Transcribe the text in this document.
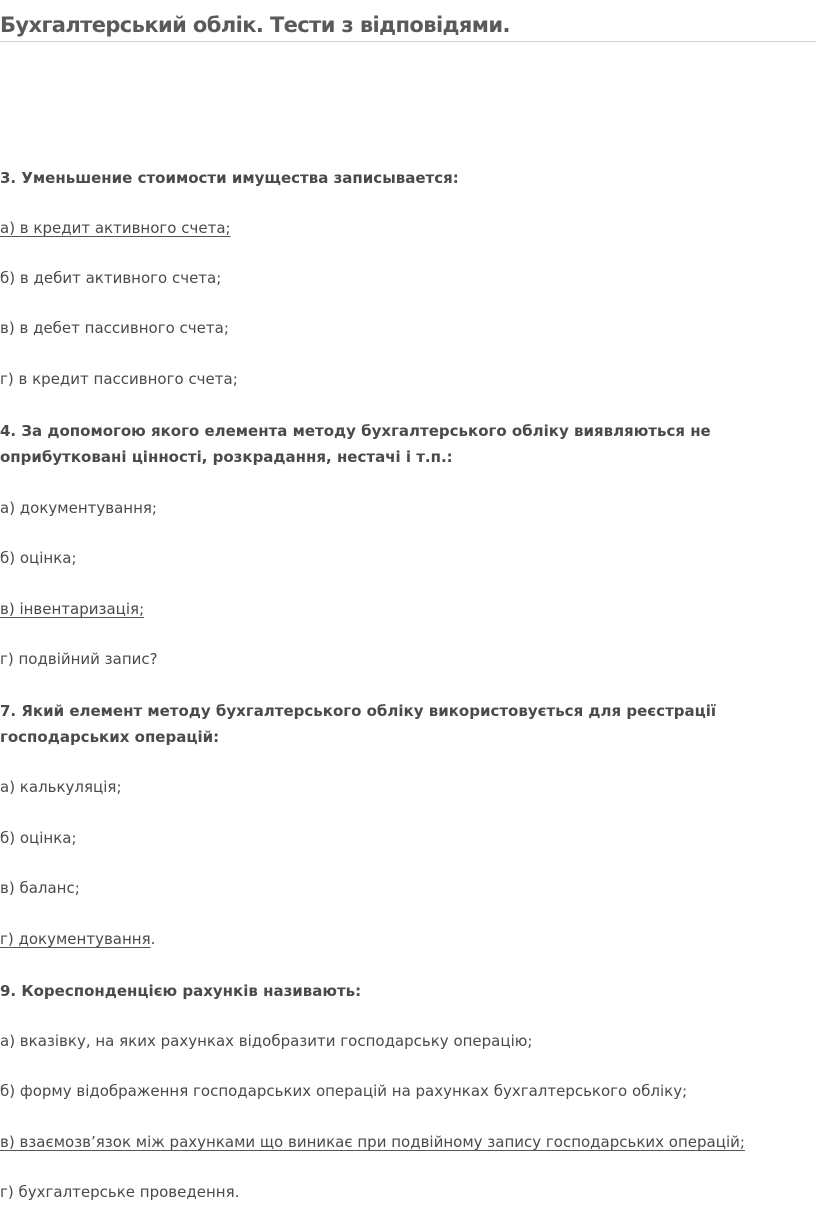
Бухгалтерський облік. Тести з відповідями.

3. Уменьшение стоимости имущества записывается:

а) в кредит активного счета;

б) в дебит активного счета;

в) в дебет пассивного счета;

г) в кредит пассивного счета;

4. За допомогою якого елемента методу бухгалтерського обліку виявляються не

оприбутковані цінності, розкрадання, нестачі і т.п.:

а) документування;

б) оцінка;

в) інвентаризація;

г) подвійний запис?

7. Який елемент методу бухгалтерського обліку використовується для реєстрації

господарських операцій:

а) калькуляція;

б) оцінка;

в) баланс;

г) документування.

9. Кореспонденцією рахунків називають:

а) вказівку, на яких рахунках відобразити господарську операцію;

б) форму відображення господарських операцій на рахунках бухгалтерського обліку;

в) взаємозв’язок між рахунками що виникає при подвійному запису господарських операцій;

г) бухгалтерське проведення.
